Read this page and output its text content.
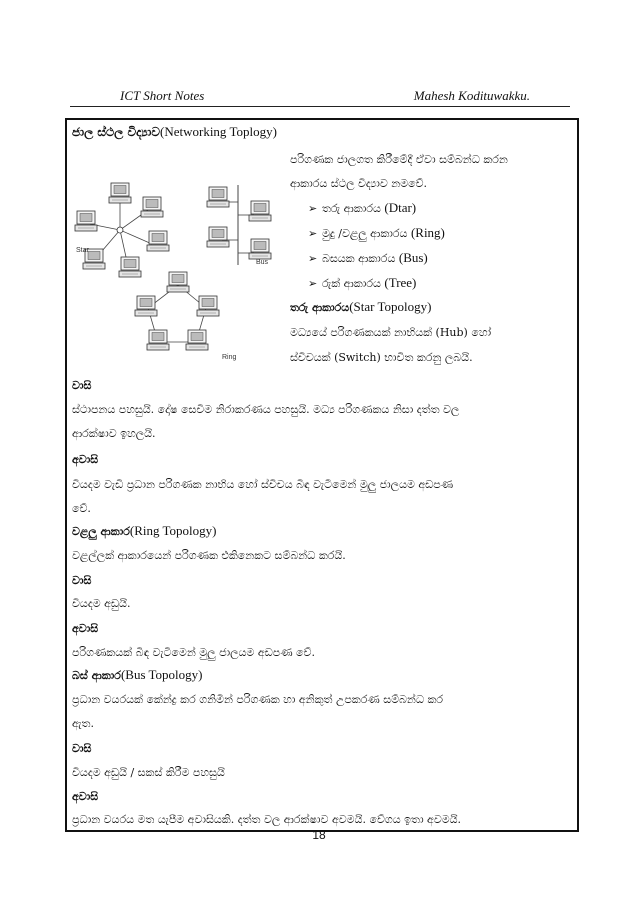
ICT Short Notes	Mahesh Kodituwakku.
ජාල ස්ථල විද්‍යාව(Networking Toplogy)
පරිගණක ජාලගත කිරීමේදී ඒවා සම්බන්ධ කරන
ආකාරය ස්ථල විද්‍යාව නමවේ.
➢ තරු ආකාරය (Dtar)
➢ මුදු /වළලු ආකාරය (Ring)
➢ බසයක ආකාරය (Bus)
➢ රුක් ආකාරය (Tree)
තරු ආකාරය(Star Topology)
මධ්‍යයේ පරිගණකයක් නාභියක් (Hub) හෝ
ස්විචයක් (Switch) භාවිත කරනු ලබයි.
Star
Bus
Ring
වාසි
ස්ථාපනය පහසුයි. දෝෂ සෙවීම නිරාකරණය පහසුයි. මධ්‍ය පරිගණකය නිසා දත්ත වල
ආරක්ෂාව ඉහලයි.
අවාසි
වියදම වැඩි ප්‍රධාන පරිගණක නාභිය හෝ ස්විචය බිඳ වැටීමෙන් මුලු ජාලයම අඩපණ
වේ.
වළලු ආකාර(Ring Topology)
වළල්ලක් ආකාරයෙන් පරිගණක එකිනෙකට සම්බන්ධ කරයි.
වාසි
වියදම අඩුයි.
අවාසි
පරිගණකයක් බිඳ වැටීමෙන් මුලු ජාලයම අඩපණ වේ.
බස් ආකාර(Bus Topology)
ප්‍රධාන වයරයක් කේන්ද්‍ර කර ගනිමින් පරිගණක හා අනිකුත් උපකරණ සම්බන්ධ කර
ඇත.
වාසි
වියදම අඩුයි / සකස් කිරීම පහසුයි
අවාසි
ප්‍රධාන වයරය මත යැපීම අවාසියකි. දත්ත වල ආරක්ෂාව අවමයි. වේගය ඉතා අවමයි.
18
